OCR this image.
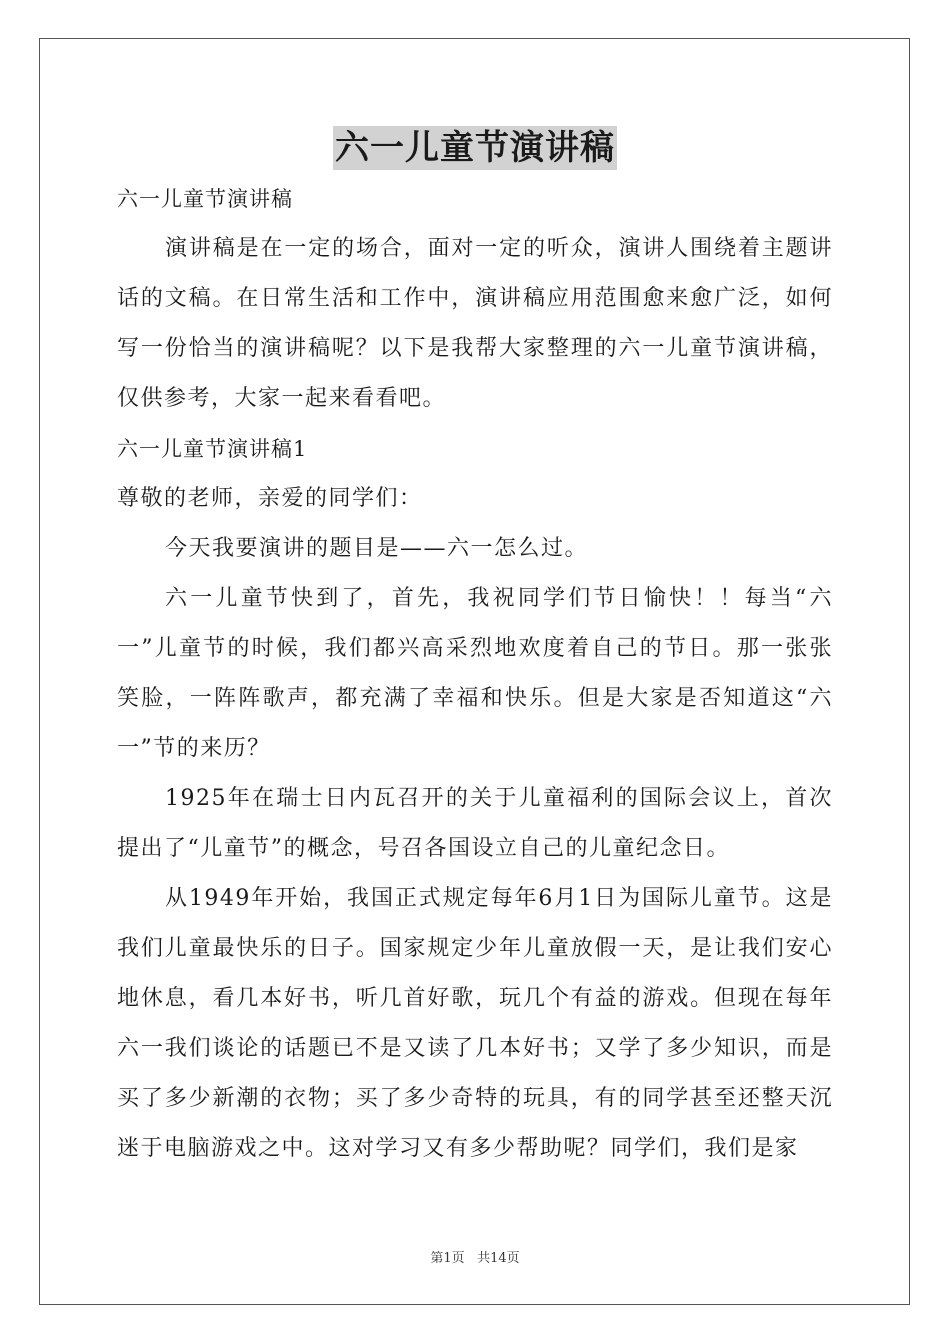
六一儿童节演讲稿

六一儿童节演讲稿

演讲稿是在一定的场合，面对一定的听众，演讲人围绕着主题讲话的文稿。在日常生活和工作中，演讲稿应用范围愈来愈广泛，如何写一份恰当的演讲稿呢？以下是我帮大家整理的六一儿童节演讲稿，仅供参考，大家一起来看看吧。

六一儿童节演讲稿1

尊敬的老师，亲爱的同学们：

今天我要演讲的题目是——六一怎么过。

六一儿童节快到了，首先，我祝同学们节日愉快！！每当“六一”儿童节的时候，我们都兴高采烈地欢度着自己的节日。那一张张笑脸，一阵阵歌声，都充满了幸福和快乐。但是大家是否知道这“六一”节的来历？

1925年在瑞士日内瓦召开的关于儿童福利的国际会议上，首次提出了“儿童节”的概念，号召各国设立自己的儿童纪念日。

从1949年开始，我国正式规定每年6月1日为国际儿童节。这是我们儿童最快乐的日子。国家规定少年儿童放假一天，是让我们安心地休息，看几本好书，听几首好歌，玩几个有益的游戏。但现在每年六一我们谈论的话题已不是又读了几本好书；又学了多少知识，而是买了多少新潮的衣物；买了多少奇特的玩具，有的同学甚至还整天沉迷于电脑游戏之中。这对学习又有多少帮助呢？同学们，我们是家

第1页 共14页
